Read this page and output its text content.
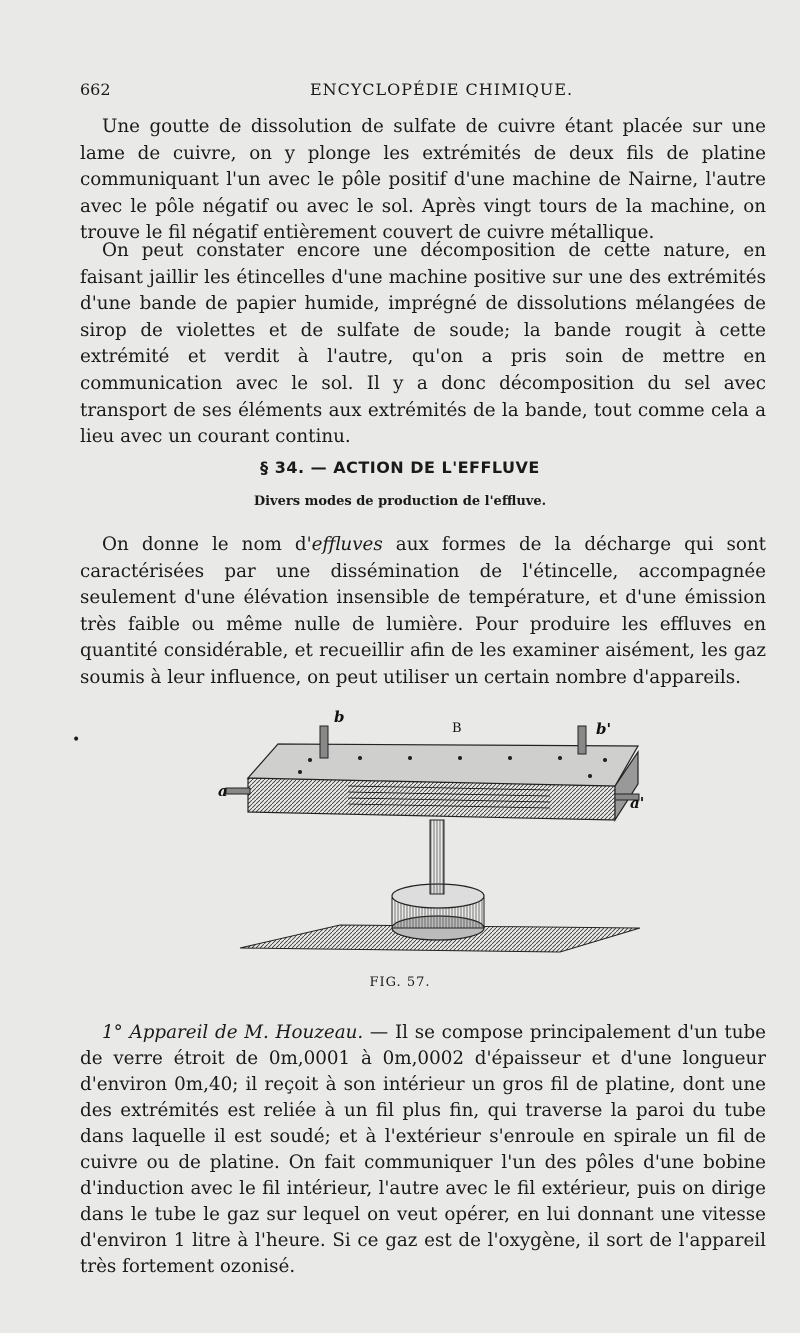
662	ENCYCLOPÉDIE CHIMIQUE.

Une goutte de dissolution de sulfate de cuivre étant placée sur une lame de cuivre, on y plonge les extrémités de deux fils de platine communiquant l'un avec le pôle positif d'une machine de Nairne, l'autre avec le pôle négatif ou avec le sol. Après vingt tours de la machine, on trouve le fil négatif entièrement couvert de cuivre métallique.

On peut constater encore une décomposition de cette nature, en faisant jaillir les étincelles d'une machine positive sur une des extrémités d'une bande de papier humide, imprégné de dissolutions mélangées de sirop de violettes et de sulfate de soude; la bande rougit à cette extrémité et verdit à l'autre, qu'on a pris soin de mettre en communication avec le sol. Il y a donc décomposition du sel avec transport de ses éléments aux extrémités de la bande, tout comme cela a lieu avec un courant continu.

§ 34. — ACTION DE L'EFFLUVE
Divers modes de production de l'effluve.

On donne le nom d'effluves aux formes de la décharge qui sont caractérisées par une dissémination de l'étincelle, accompagnée seulement d'une élévation insensible de température, et d'une émission très faible ou même nulle de lumière. Pour produire les effluves en quantité considérable, et recueillir afin de les examiner aisément, les gaz soumis à leur influence, on peut utiliser un certain nombre d'appareils.

•
b
B	b'
a
a'
FIG. 57.

1° Appareil de M. Houzeau. — Il se compose principalement d'un tube de verre étroit de 0m,0001 à 0m,0002 d'épaisseur et d'une longueur d'environ 0m,40; il reçoit à son intérieur un gros fil de platine, dont une des extrémités est reliée à un fil plus fin, qui traverse la paroi du tube dans laquelle il est soudé; et à l'extérieur s'enroule en spirale un fil de cuivre ou de platine. On fait communiquer l'un des pôles d'une bobine d'induction avec le fil intérieur, l'autre avec le fil extérieur, puis on dirige dans le tube le gaz sur lequel on veut opérer, en lui donnant une vitesse d'environ 1 litre à l'heure. Si ce gaz est de l'oxygène, il sort de l'appareil très fortement ozonisé.
